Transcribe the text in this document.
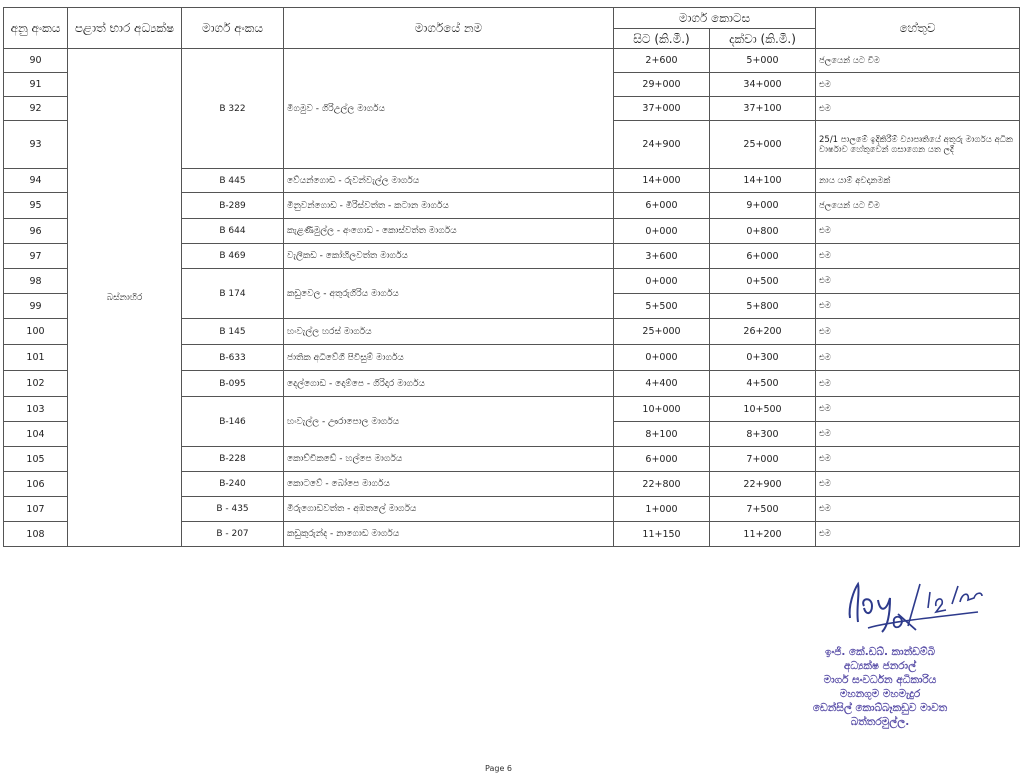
අනු අංකය	පළාත් භාර අධ්‍යක්ෂ	මාර්ග අංකය	මාර්ගයේ නම	මාර්ග කොටස		හේතුව
				සිට (කි.මී.)	දක්වා (කි.මී.)	
90	බස්නාහිර	B 322	මීගමුව - ගිරිඋල්ල මාර්ගය	2+600	5+000	ජලයෙන් යට වීම
91				29+000	34+000	එම
92				37+000	37+100	එම
93				24+900	25+000	25/1 පාලමේ ඉදිකිරීම් ව්‍යාපෘතියේ අතුරු මාර්ගය අධික වාර්ෂාව හේතුවෙන් ගසාගෙන යත ලදී
94		B 445	වේයන්ගොඩ - රුවන්වැල්ල මාර්ගය	14+000	14+100	නාය යාම් අවදානමක්
95		B-289	මිනුවන්ගොඩ - මිරිස්වත්ත - කටාන මාර්ගය	6+000	9+000	ජලයෙන් යට වීම
96		B 644	කැළණිමුල්ල - අංගොඩ - කොස්වත්ත මාර්ගය	0+000	0+800	එම
97		B 469	වැලිකඩ - කෝහිලවත්ත මාර්ගය	3+600	6+000	එම
98		B 174	කඩුවෙල - අතුරුගිරිය මාර්ගය	0+000	0+500	එම
99				5+500	5+800	එම
100		B 145	හංවැල්ල හරස් මාර්ගය	25+000	26+200	එම
101		B-633	ජාතික අධිවේගී පිවිසුම් මාර්ගය	0+000	0+300	එම
102		B-095	දෙල්ගොඩ - දොම්පෙ - ගිරිදාර මාර්ගය	4+400	4+500	එම
103		B-146	හංවැල්ල - ඌරාපොල මාර්ගය	10+000	10+500	එම
104				8+100	8+300	එම
105		B-228	කොච්චිකඩේ - හල්පෙ මාර්ගය	6+000	7+000	එම
106		B-240	කොටවේ - බෝපෙ මාර්ගය	22+800	22+900	එම
107		B - 435	මිරුගොඩවත්ත - අඹතලේ මාර්ගය	1+000	7+500	එම
108		B - 207	කඩුකුරුන්ද - නාගොඩ මාර්ගය	11+150	11+200	එම
ඉංජි. කේ.ඩබ්. කාන්ඩම්බි
අධ්‍යක්ෂ ජනරාල්
මාර්ග සංවර්ධන අධිකාරිය
මහනගුම මහමැදුර
ඩෙන්සිල් කොබ්බෑකඩුව මාවත
බත්තරමුල්ල.
Page 6
